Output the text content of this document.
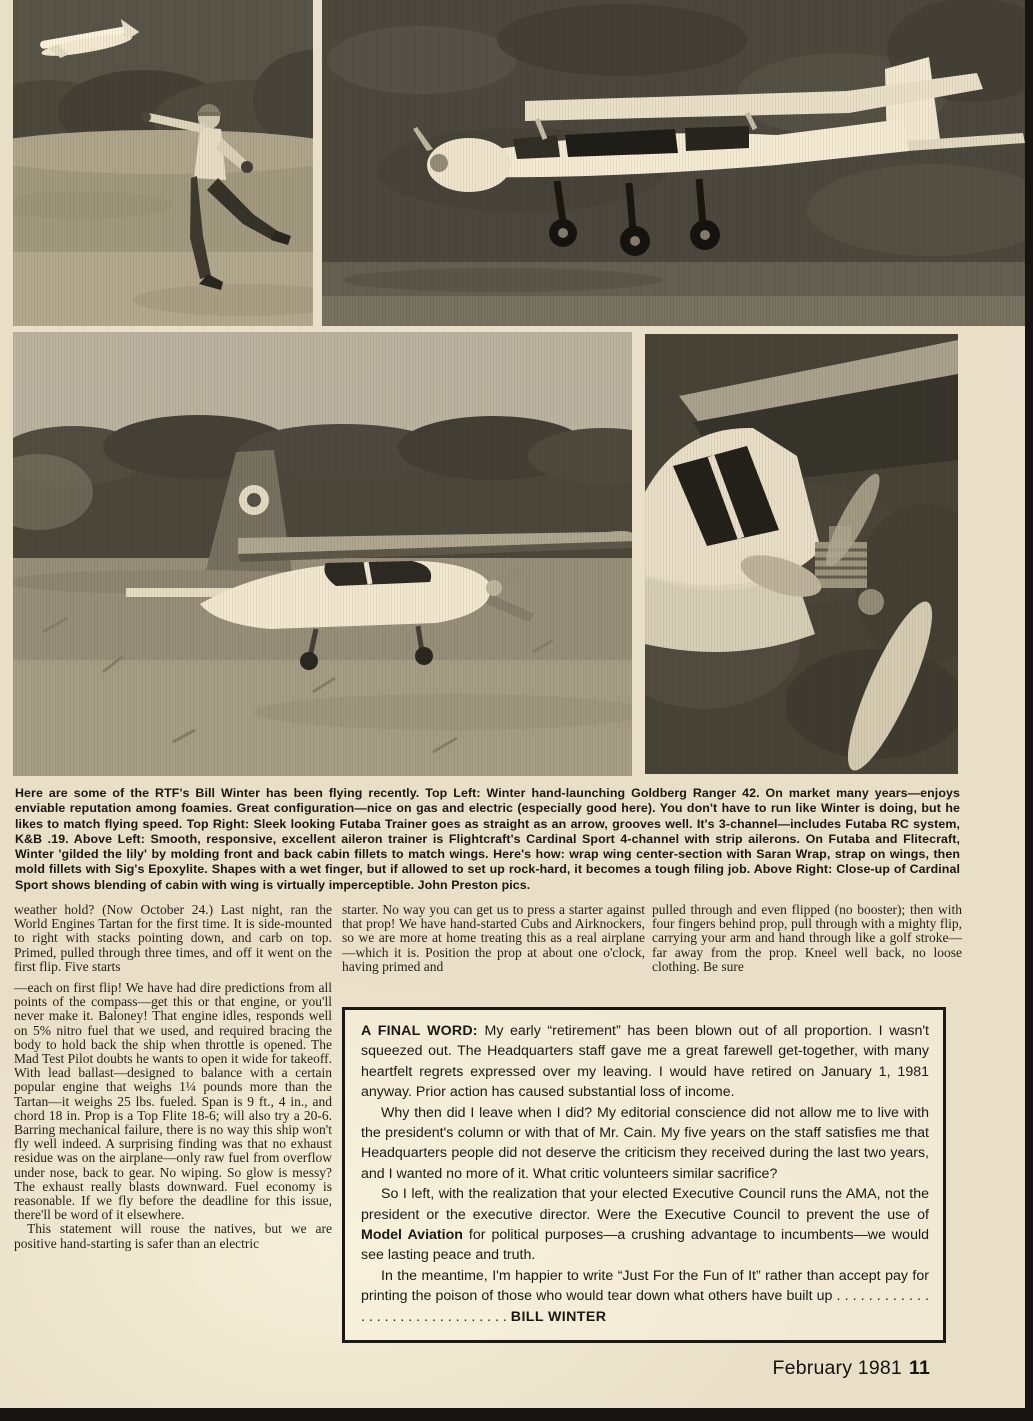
Here are some of the RTF's Bill Winter has been flying recently. Top Left: Winter hand-launching Goldberg Ranger 42. On market many years—enjoys enviable reputation among foamies. Great configuration—nice on gas and electric (especially good here). You don't have to run like Winter is doing, but he likes to match flying speed. Top Right: Sleek looking Futaba Trainer goes as straight as an arrow, grooves well. It's 3-channel—includes Futaba RC system, K&B .19. Above Left: Smooth, responsive, excellent aileron trainer is Flightcraft's Cardinal Sport 4-channel with strip ailerons. On Futaba and Flitecraft, Winter 'gilded the lily' by molding front and back cabin fillets to match wings. Here's how: wrap wing center-section with Saran Wrap, strap on wings, then mold fillets with Sig's Epoxylite. Shapes with a wet finger, but if allowed to set up rock-hard, it becomes a tough filing job. Above Right: Close-up of Cardinal Sport shows blending of cabin with wing is virtually imperceptible. John Preston pics.

weather hold? (Now October 24.) Last night, ran the World Engines Tartan for the first time. It is side-mounted to right with stacks pointing down, and carb on top. Primed, pulled through three times, and off it went on the first flip. Five starts

—each on first flip! We have had dire predictions from all points of the compass—get this or that engine, or you'll never make it. Baloney! That engine idles, responds well on 5% nitro fuel that we used, and required bracing the body to hold back the ship when throttle is opened. The Mad Test Pilot doubts he wants to open it wide for takeoff. With lead ballast—designed to balance with a certain popular engine that weighs 1¼ pounds more than the Tartan—it weighs 25 lbs. fueled. Span is 9 ft., 4 in., and chord 18 in. Prop is a Top Flite 18-6; will also try a 20-6. Barring mechanical failure, there is no way this ship won't fly well indeed. A surprising finding was that no exhaust residue was on the airplane—only raw fuel from overflow under nose, back to gear. No wiping. So glow is messy? The exhaust really blasts downward. Fuel economy is reasonable. If we fly before the deadline for this issue, there'll be word of it elsewhere.

This statement will rouse the natives, but we are positive hand-starting is safer than an electric

starter. No way you can get us to press a starter against that prop! We have hand-started Cubs and Airknockers, so we are more at home treating this as a real airplane—which it is. Position the prop at about one o'clock, having primed and

pulled through and even flipped (no booster); then with four fingers behind prop, pull through with a mighty flip, carrying your arm and hand through like a golf stroke—far away from the prop. Kneel well back, no loose clothing. Be sure

A FINAL WORD: My early “retirement” has been blown out of all proportion. I wasn't squeezed out. The Headquarters staff gave me a great farewell get-together, with many heartfelt regrets expressed over my leaving. I would have retired on January 1, 1981 anyway. Prior action has caused substantial loss of income.

Why then did I leave when I did? My editorial conscience did not allow me to live with the president's column or with that of Mr. Cain. My five years on the staff satisfies me that Headquarters people did not deserve the criticism they received during the last two years, and I wanted no more of it. What critic volunteers similar sacrifice?

So I left, with the realization that your elected Executive Council runs the AMA, not the president or the executive director. Were the Executive Council to prevent the use of Model Aviation for political purposes—a crushing advantage to incumbents—we would see lasting peace and truth.

In the meantime, I'm happier to write “Just For the Fun of It” rather than accept pay for printing the poison of those who would tear down what others have built up . . . . . . . . . . . . . . . . . . . . . . . . . . . . . . . BILL WINTER

February 1981 11
